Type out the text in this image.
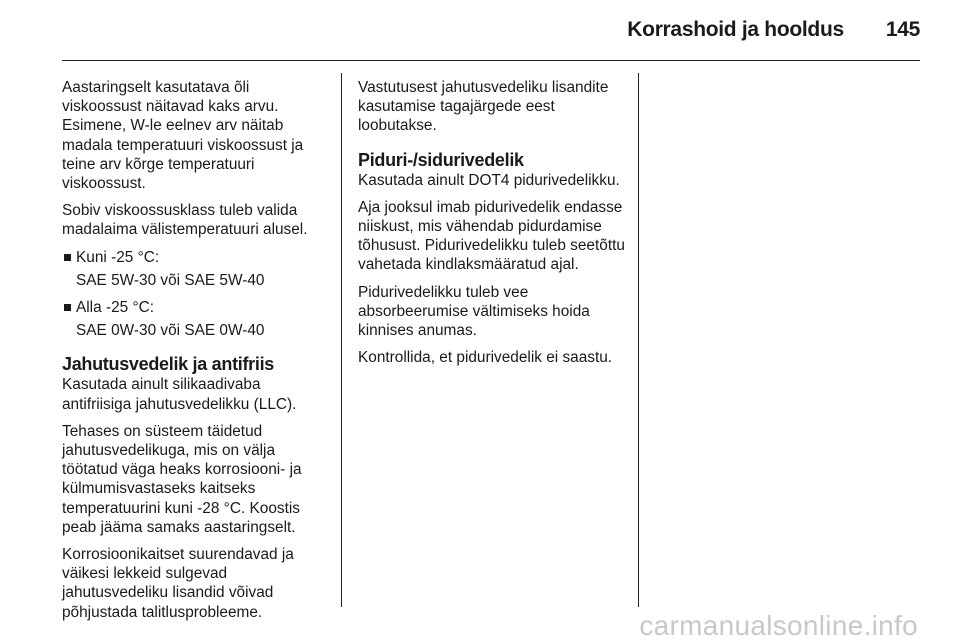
Korrashoid ja hooldus 145

Aastaringselt kasutatava õli viskoossust näitavad kaks arvu. Esimene, W-le eelnev arv näitab madala temperatuuri viskoossust ja teine arv kõrge temperatuuri viskoossust.

Sobiv viskoossusklass tuleb valida madalaima välistemperatuuri alusel.

Kuni -25 °C:

SAE 5W-30 või SAE 5W-40

Alla -25 °C:

SAE 0W-30 või SAE 0W-40

Jahutusvedelik ja antifriis

Kasutada ainult silikaadivaba antifriisiga jahutusvedelikku (LLC).

Tehases on süsteem täidetud jahutusvedelikuga, mis on välja töötatud väga heaks korrosiooni- ja külmumisvastaseks kaitseks temperatuurini kuni -28 °C. Koostis peab jääma samaks aastaringselt.

Korrosioonikaitset suurendavad ja väikesi lekkeid sulgevad jahutusvedeliku lisandid võivad põhjustada talitlusprobleeme.

Vastutusest jahutusvedeliku lisandite kasutamise tagajärgede eest loobutakse.

Piduri-/sidurivedelik

Kasutada ainult DOT4 pidurivedelikku.

Aja jooksul imab pidurivedelik endasse niiskust, mis vähendab pidurdamise tõhusust. Pidurivedelikku tuleb seetõttu vahetada kindlaksmääratud ajal.

Pidurivedelikku tuleb vee absorbeerumise vältimiseks hoida kinnises anumas.

Kontrollida, et pidurivedelik ei saastu.

carmanualsonline.info
